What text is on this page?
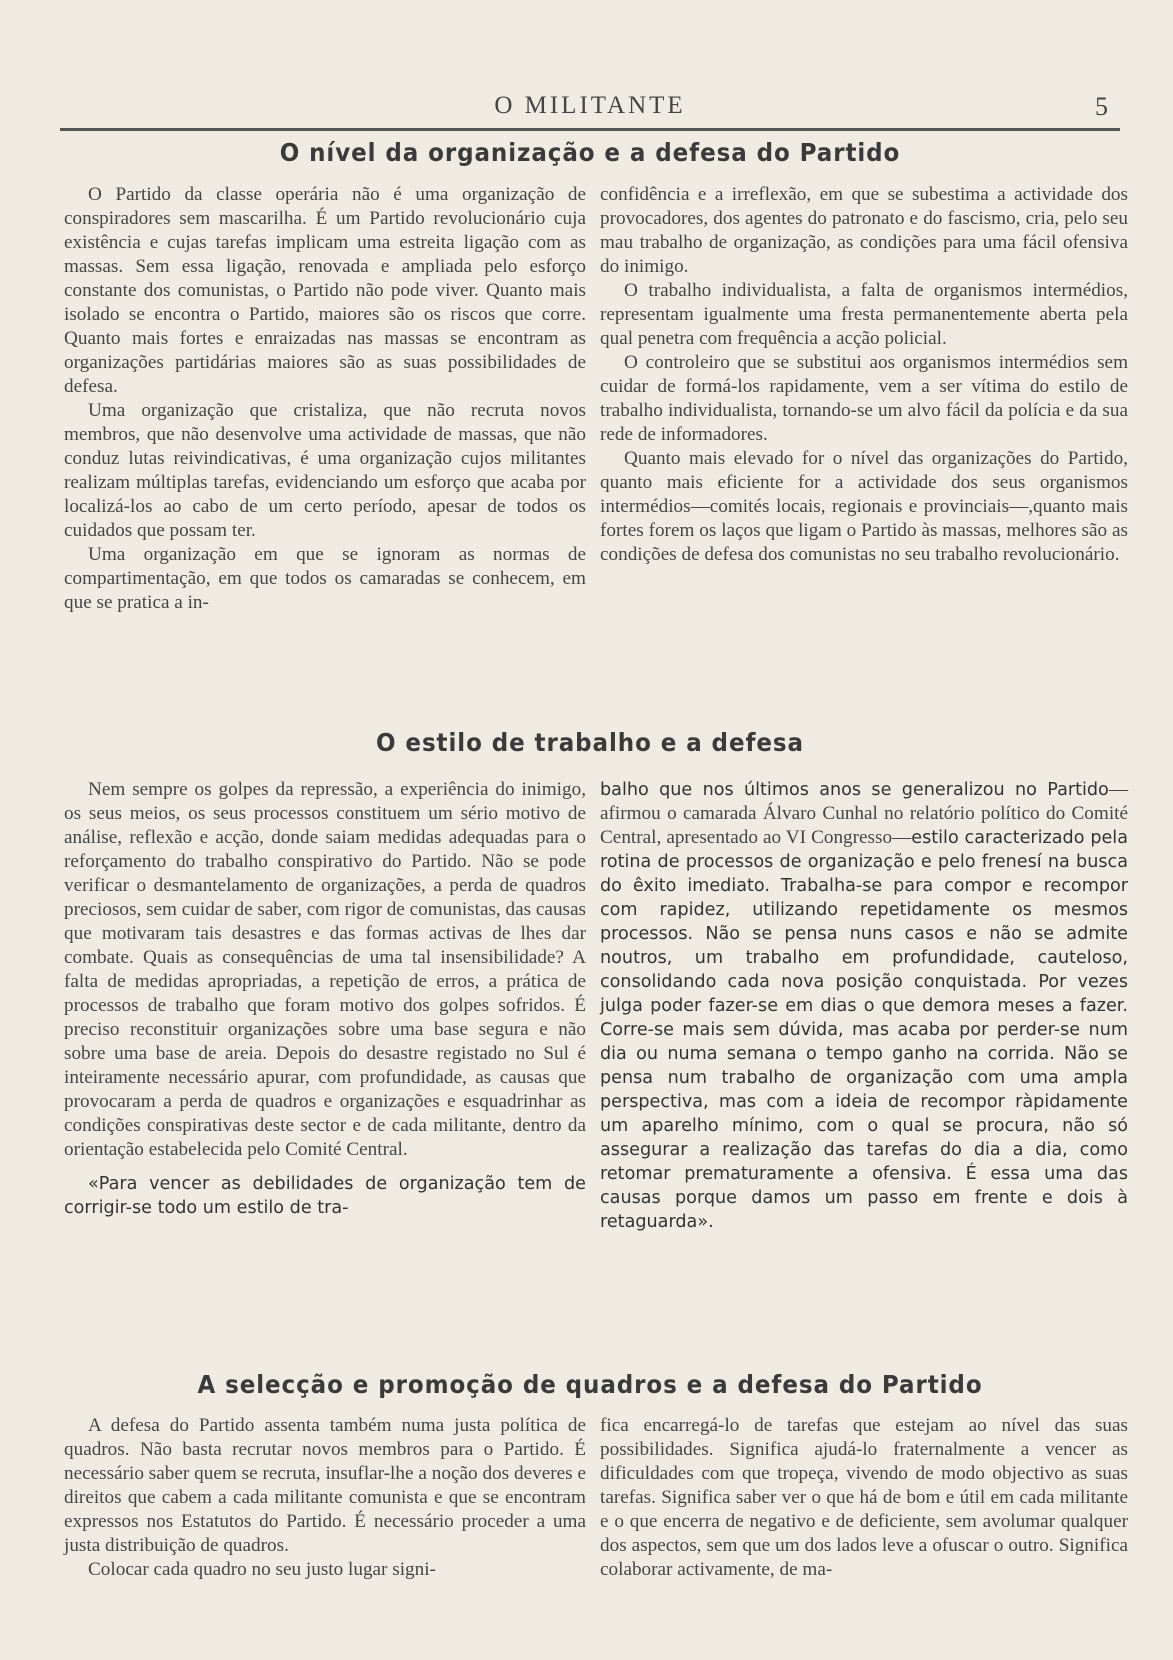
O MILITANTE	5
O nível da organização e a defesa do Partido

O Partido da classe operária não é uma organização de conspiradores sem mascarilha. É um Partido revolucionário cuja existência e cujas tarefas implicam uma estreita ligação com as massas. Sem essa ligação, renovada e ampliada pelo esforço constante dos comunistas, o Partido não pode viver. Quanto mais isolado se encontra o Partido, maiores são os riscos que corre. Quanto mais fortes e enraizadas nas massas se encontram as organizações partidárias maiores são as suas possibilidades de defesa.

Uma organização que cristaliza, que não recruta novos membros, que não desenvolve uma actividade de massas, que não conduz lutas reivindicativas, é uma organização cujos militantes realizam múltiplas tarefas, evidenciando um esforço que acaba por localizá-los ao cabo de um certo período, apesar de todos os cuidados que possam ter.

Uma organização em que se ignoram as normas de compartimentação, em que todos os camaradas se conhecem, em que se pratica a in-

confidência e a irreflexão, em que se subestima a actividade dos provocadores, dos agentes do patronato e do fascismo, cria, pelo seu mau trabalho de organização, as condições para uma fácil ofensiva do inimigo.

O trabalho individualista, a falta de organismos intermédios, representam igualmente uma fresta permanentemente aberta pela qual penetra com frequência a acção policial.

O controleiro que se substitui aos organismos intermédios sem cuidar de formá-los rapidamente, vem a ser vítima do estilo de trabalho individualista, tornando-se um alvo fácil da polícia e da sua rede de informadores.

Quanto mais elevado for o nível das organizações do Partido, quanto mais eficiente for a actividade dos seus organismos intermédios—comités locais, regionais e provinciais—,quanto mais fortes forem os laços que ligam o Partido às massas, melhores são as condições de defesa dos comunistas no seu trabalho revolucionário.

O estilo de trabalho e a defesa

Nem sempre os golpes da repressão, a experiência do inimigo, os seus meios, os seus processos constituem um sério motivo de análise, reflexão e acção, donde saiam medidas adequadas para o reforçamento do trabalho conspirativo do Partido. Não se pode verificar o desmantelamento de organizações, a perda de quadros preciosos, sem cuidar de saber, com rigor de comunistas, das causas que motivaram tais desastres e das formas activas de lhes dar combate. Quais as consequências de uma tal insensibilidade? A falta de medidas apropriadas, a repetição de erros, a prática de processos de trabalho que foram motivo dos golpes sofridos. É preciso reconstituir organizações sobre uma base segura e não sobre uma base de areia. Depois do desastre registado no Sul é inteiramente necessário apurar, com profundidade, as causas que provocaram a perda de quadros e organizações e esquadrinhar as condições conspirativas deste sector e de cada militante, dentro da orientação estabelecida pelo Comité Central.

«Para vencer as debilidades de organização tem de corrigir-se todo um estilo de tra-

balho que nos últimos anos se generalizou no Partido—afirmou o camarada Álvaro Cunhal no relatório político do Comité Central, apresentado ao VI Congresso—estilo caracterizado pela rotina de processos de organização e pelo frenesí na busca do êxito imediato. Trabalha-se para compor e recompor com rapidez, utilizando repetidamente os mesmos processos. Não se pensa nuns casos e não se admite noutros, um trabalho em profundidade, cauteloso, consolidando cada nova posição conquistada. Por vezes julga poder fazer-se em dias o que demora meses a fazer. Corre-se mais sem dúvida, mas acaba por perder-se num dia ou numa semana o tempo ganho na corrida. Não se pensa num trabalho de organização com uma ampla perspectiva, mas com a ideia de recompor ràpidamente um aparelho mínimo, com o qual se procura, não só assegurar a realização das tarefas do dia a dia, como retomar prematuramente a ofensiva. É essa uma das causas porque damos um passo em frente e dois à retaguarda».

A selecção e promoção de quadros e a defesa do Partido

A defesa do Partido assenta também numa justa política de quadros. Não basta recrutar novos membros para o Partido. É necessário saber quem se recruta, insuflar-lhe a noção dos deveres e direitos que cabem a cada militante comunista e que se encontram expressos nos Estatutos do Partido. É necessário proceder a uma justa distribuição de quadros.

Colocar cada quadro no seu justo lugar signi-

fica encarregá-lo de tarefas que estejam ao nível das suas possibilidades. Significa ajudá-lo fraternalmente a vencer as dificuldades com que tropeça, vivendo de modo objectivo as suas tarefas. Significa saber ver o que há de bom e útil em cada militante e o que encerra de negativo e de deficiente, sem avolumar qualquer dos aspectos, sem que um dos lados leve a ofuscar o outro. Significa colaborar activamente, de ma-
